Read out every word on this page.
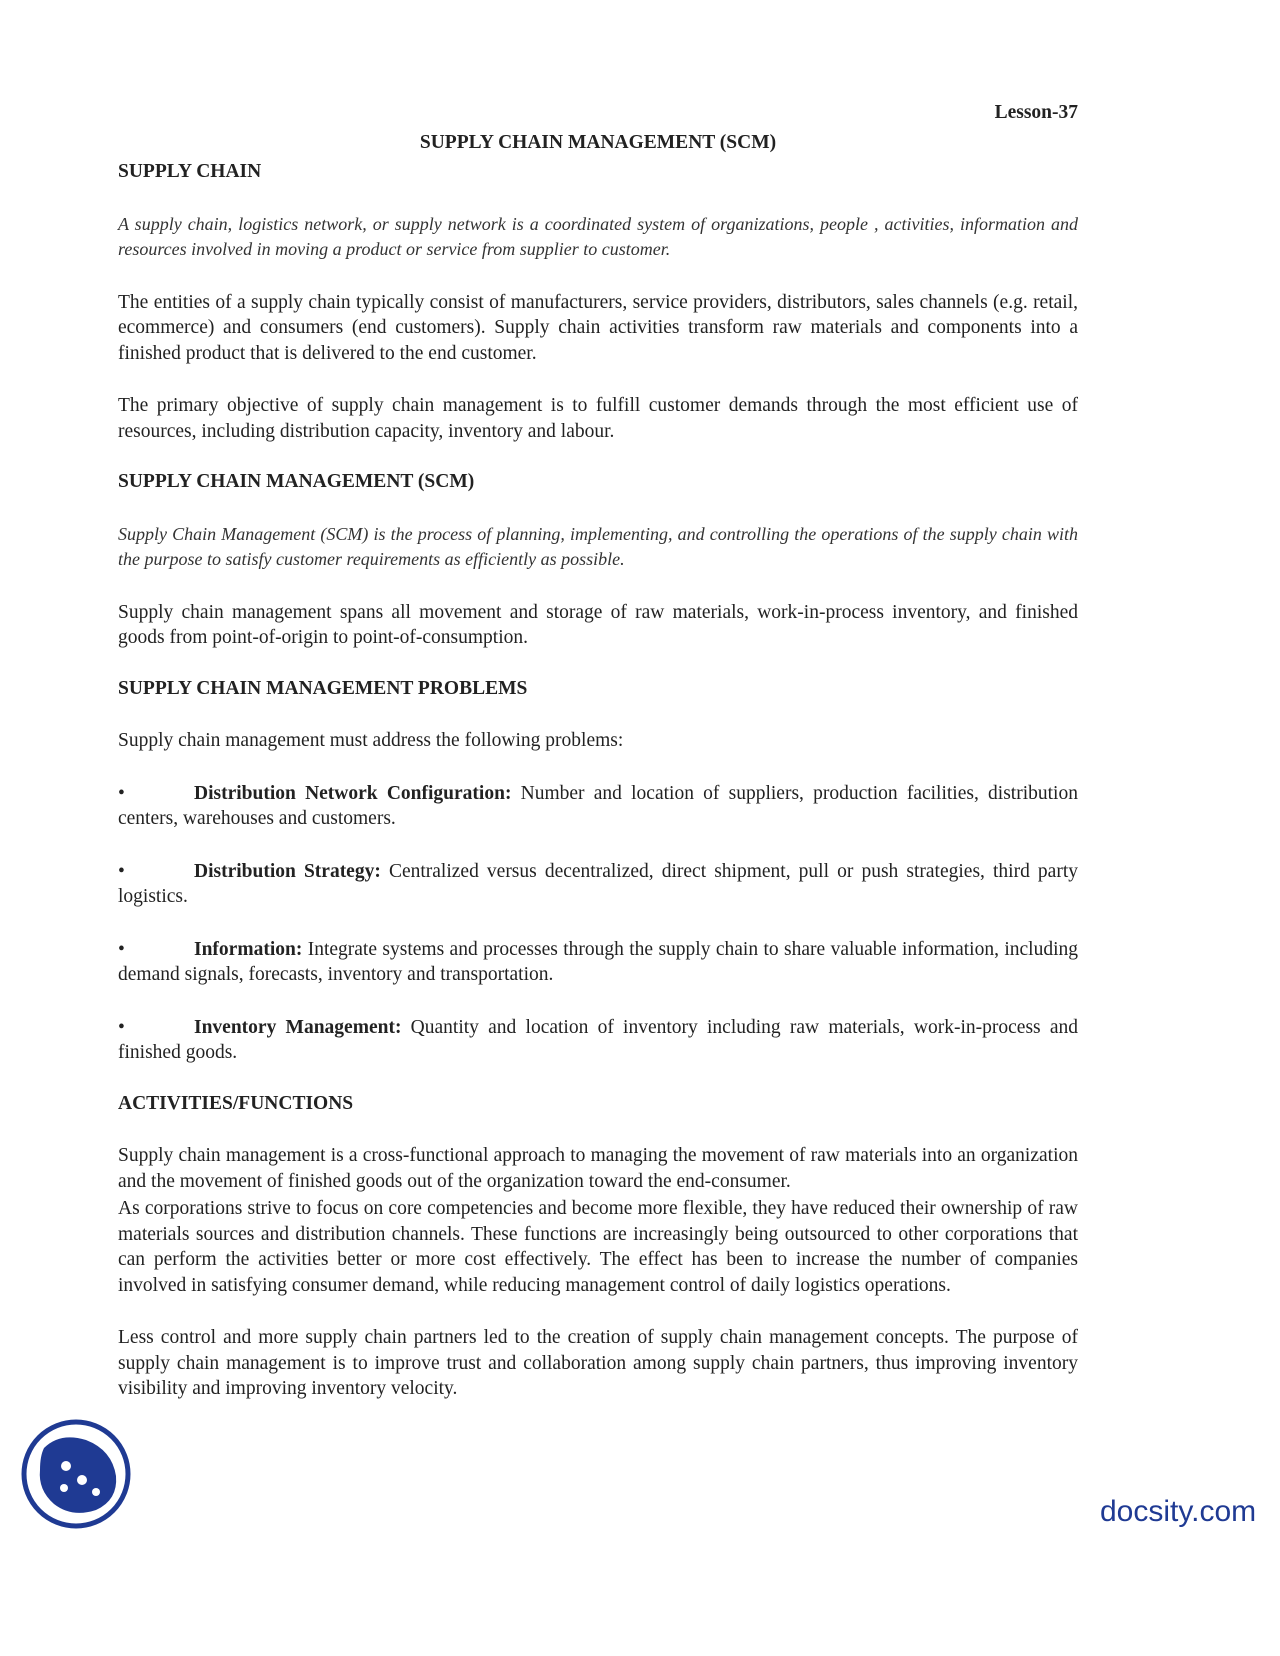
Lesson-37

SUPPLY CHAIN MANAGEMENT (SCM)

SUPPLY CHAIN

A supply chain, logistics network, or supply network is a coordinated system of organizations, people , activities, information and resources involved in moving a product or service from supplier to customer.

The entities of a supply chain typically consist of manufacturers, service providers, distributors, sales channels (e.g. retail, ecommerce) and consumers (end customers). Supply chain activities transform raw materials and components into a finished product that is delivered to the end customer.

The primary objective of supply chain management is to fulfill customer demands through the most efficient use of resources, including distribution capacity, inventory and labour.

SUPPLY CHAIN MANAGEMENT (SCM)

Supply Chain Management (SCM) is the process of planning, implementing, and controlling the operations of the supply chain with the purpose to satisfy customer requirements as efficiently as possible.

Supply chain management spans all movement and storage of raw materials, work-in-process inventory, and finished goods from point-of-origin to point-of-consumption.

SUPPLY CHAIN MANAGEMENT PROBLEMS

Supply chain management must address the following problems:

•	Distribution Network Configuration: Number and location of suppliers, production facilities, distribution centers, warehouses and customers.
•	Distribution Strategy: Centralized versus decentralized, direct shipment, pull or push strategies, third party logistics.
•	Information: Integrate systems and processes through the supply chain to share valuable information, including demand signals, forecasts, inventory and transportation.
•	Inventory Management: Quantity and location of inventory including raw materials, work-in-process and finished goods.
ACTIVITIES/FUNCTIONS

Supply chain management is a cross-functional approach to managing the movement of raw materials into an organization and the movement of finished goods out of the organization toward the end-consumer.

As corporations strive to focus on core competencies and become more flexible, they have reduced their ownership of raw materials sources and distribution channels. These functions are increasingly being outsourced to other corporations that can perform the activities better or more cost effectively. The effect has been to increase the number of companies involved in satisfying consumer demand, while reducing management control of daily logistics operations.

Less control and more supply chain partners led to the creation of supply chain management concepts. The purpose of supply chain management is to improve trust and collaboration among supply chain partners, thus improving inventory visibility and improving inventory velocity.

docsity.com
